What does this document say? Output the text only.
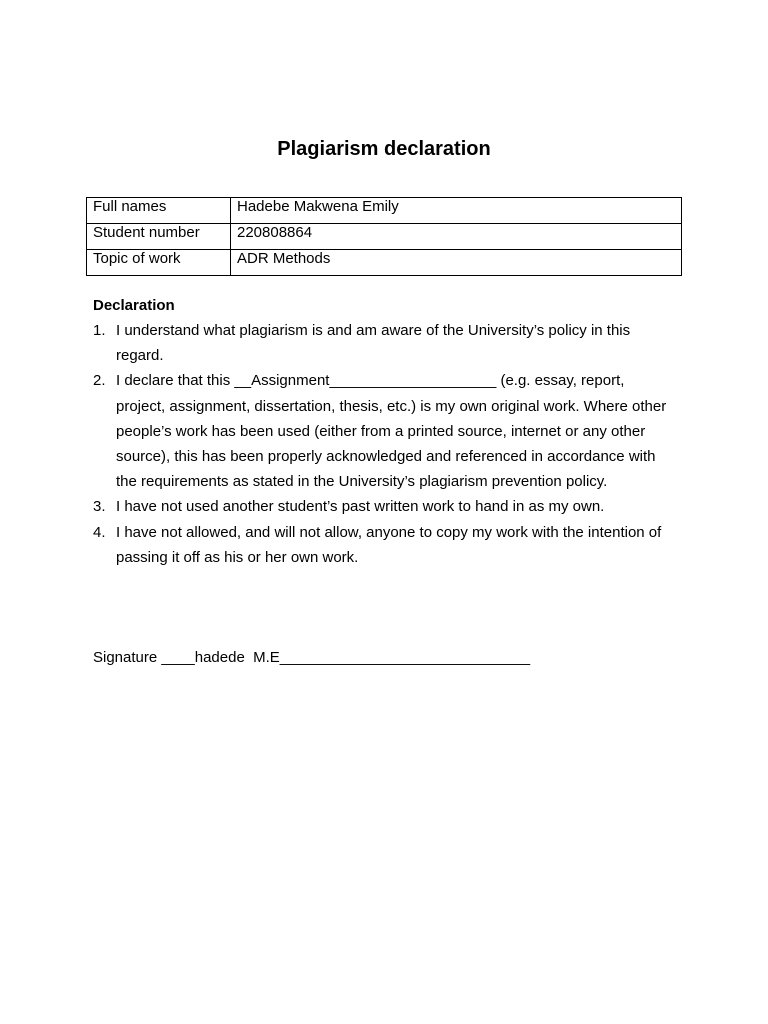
Plagiarism declaration
Full names	Hadebe Makwena Emily
Student number	220808864
Topic of work	ADR Methods
Declaration
1. I understand what plagiarism is and am aware of the University’s policy in this regard.
2. I declare that this __Assignment____________________ (e.g. essay, report, project, assignment, dissertation, thesis, etc.) is my own original work. Where other people’s work has been used (either from a printed source, internet or any other source), this has been properly acknowledged and referenced in accordance with the requirements as stated in the University’s plagiarism prevention policy.
3. I have not used another student’s past written work to hand in as my own.
4. I have not allowed, and will not allow, anyone to copy my work with the intention of passing it off as his or her own work.
Signature ____hadede  M.E______________________________
